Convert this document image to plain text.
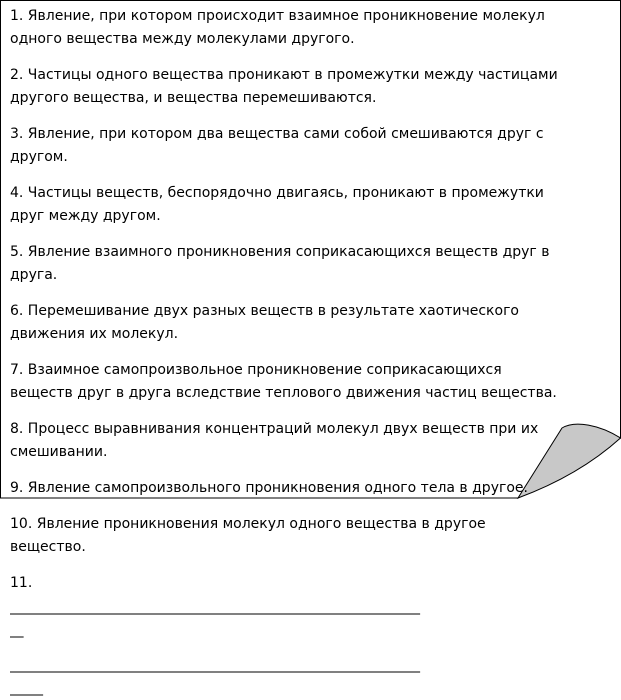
1. Явление, при котором происходит взаимное проникновение молекул
одного вещества между молекулами другого.

2. Частицы одного вещества проникают в промежутки между частицами
другого вещества, и вещества перемешиваются.

3. Явление, при котором два вещества сами собой смешиваются друг с
другом.

4. Частицы веществ, беспорядочно двигаясь, проникают в промежутки
друг между другом.

5. Явление взаимного проникновения соприкасающихся веществ друг в
друга.

6. Перемешивание двух разных веществ в результате хаотического
движения их молекул.

7. Взаимное самопроизвольное проникновение соприкасающихся
веществ друг в друга вследствие теплового движения частиц вещества.

8. Процесс выравнивания концентраций молекул двух веществ при их
смешивании.

9. Явление самопроизвольного проникновения одного тела в другое.

10. Явление проникновения молекул одного вещества в другое
вещество.

11.

_______________________________________________________________
__
_______________________________________________________________
_____
